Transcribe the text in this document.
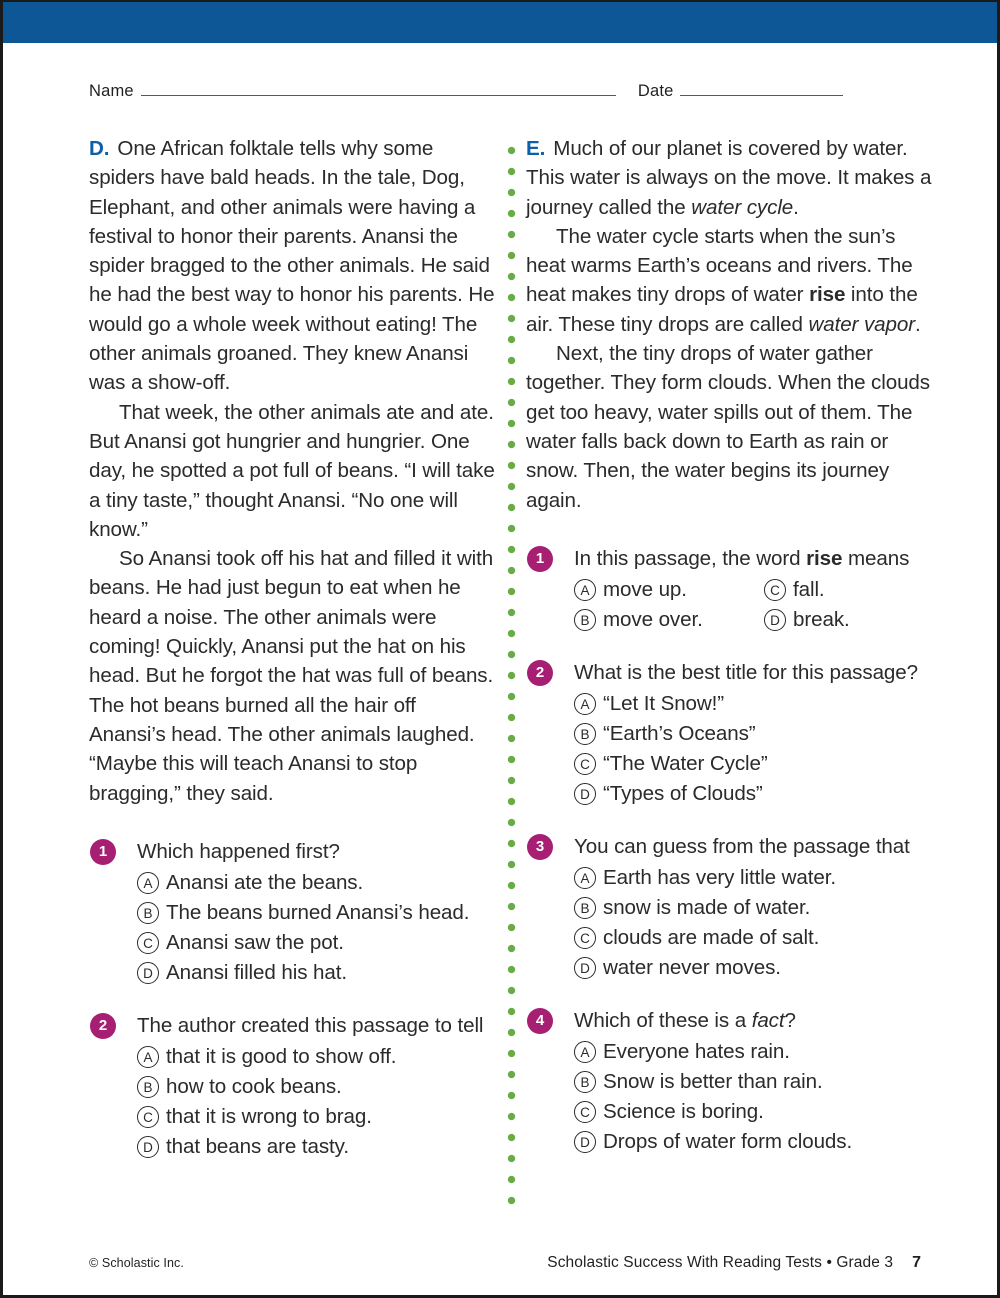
Name	Date

D. One African folktale tells why some spiders have bald heads. In the tale, Dog, Elephant, and other animals were having a festival to honor their parents. Anansi the spider bragged to the other animals. He said he had the best way to honor his parents. He would go a whole week without eating! The other animals groaned. They knew Anansi was a show-off.

That week, the other animals ate and ate. But Anansi got hungrier and hungrier. One day, he spotted a pot full of beans. “I will take a tiny taste,” thought Anansi. “No one will know.”

So Anansi took off his hat and filled it with beans. He had just begun to eat when he heard a noise. The other animals were coming! Quickly, Anansi put the hat on his head. But he forgot the hat was full of beans. The hot beans burned all the hair off Anansi’s head. The other animals laughed. “Maybe this will teach Anansi to stop bragging,” they said.

1	Which happened first?
A Anansi ate the beans.
B The beans burned Anansi’s head.
C Anansi saw the pot.
D Anansi filled his hat.
2	The author created this passage to tell
A that it is good to show off.
B how to cook beans.
C that it is wrong to brag.
D that beans are tasty.

E. Much of our planet is covered by water. This water is always on the move. It makes a journey called the water cycle.

The water cycle starts when the sun’s heat warms Earth’s oceans and rivers. The heat makes tiny drops of water rise into the air. These tiny drops are called water vapor.

Next, the tiny drops of water gather together. They form clouds. When the clouds get too heavy, water spills out of them. The water falls back down to Earth as rain or snow. Then, the water begins its journey again.

1	In this passage, the word rise means
A move up.
B move over.
C fall.
D break.
2	What is the best title for this passage?
A “Let It Snow!”
B “Earth’s Oceans”
C “The Water Cycle”
D “Types of Clouds”
3	You can guess from the passage that
A Earth has very little water.
B snow is made of water.
C clouds are made of salt.
D water never moves.
4	Which of these is a fact?
A Everyone hates rain.
B Snow is better than rain.
C Science is boring.
D Drops of water form clouds.
© Scholastic Inc.	Scholastic Success With Reading Tests • Grade 3 7
